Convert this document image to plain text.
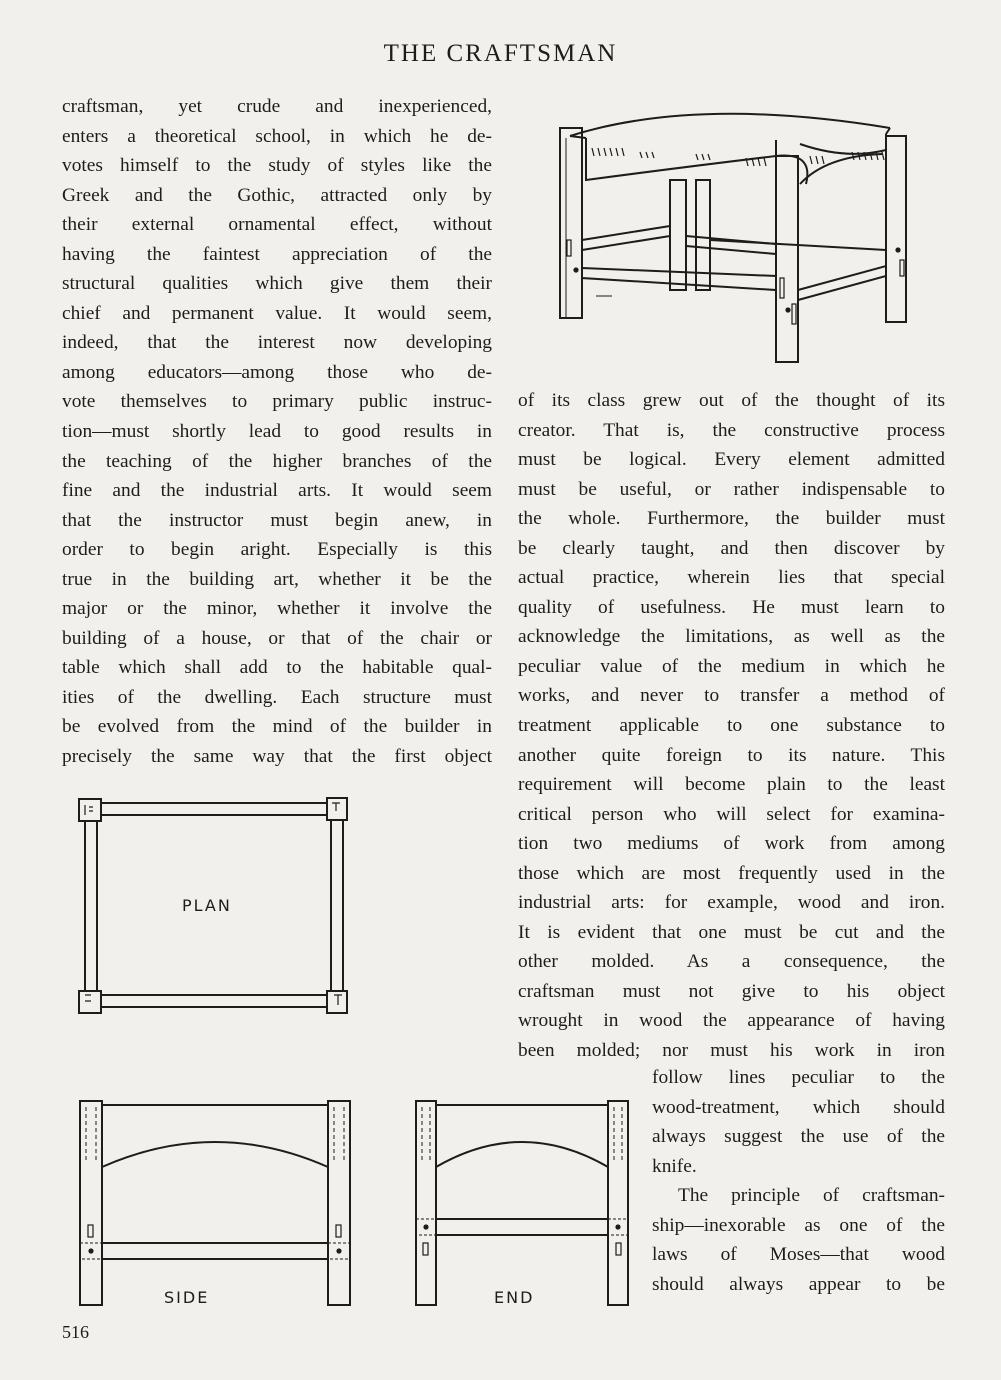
THE CRAFTSMAN
craftsman, yet crude and inexperienced,
enters a theoretical school, in which he de-
votes himself to the study of styles like the
Greek and the Gothic, attracted only by
their external ornamental effect, without
having the faintest appreciation of the
structural qualities which give them their
chief and permanent value. It would seem,
indeed, that the interest now developing
among educators—among those who de-
vote themselves to primary public instruc-
tion—must shortly lead to good results in
the teaching of the higher branches of the
fine and the industrial arts. It would seem
that the instructor must begin anew, in
order to begin aright. Especially is this
true in the building art, whether it be the
major or the minor, whether it involve the
building of a house, or that of the chair or
table which shall add to the habitable qual-
ities of the dwelling. Each structure must
be evolved from the mind of the builder in
precisely the same way that the first object
of its class grew out of the thought of its
creator. That is, the constructive process
must be logical. Every element admitted
must be useful, or rather indispensable to
the whole. Furthermore, the builder must
be clearly taught, and then discover by
actual practice, wherein lies that special
quality of usefulness. He must learn to
acknowledge the limitations, as well as the
peculiar value of the medium in which he
works, and never to transfer a method of
treatment applicable to one substance to
another quite foreign to its nature. This
requirement will become plain to the least
critical person who will select for examina-
tion two mediums of work from among
those which are most frequently used in the
industrial arts: for example, wood and iron.
It is evident that one must be cut and the
other molded. As a consequence, the
craftsman must not give to his object
wrought in wood the appearance of having
been molded; nor must his work in iron
follow lines peculiar to the
wood-treatment, which should
always suggest the use of the
knife.
The principle of craftsman-
ship—inexorable as one of the
laws of Moses—that wood
should always appear to be
PLAN
SIDE	END
516
